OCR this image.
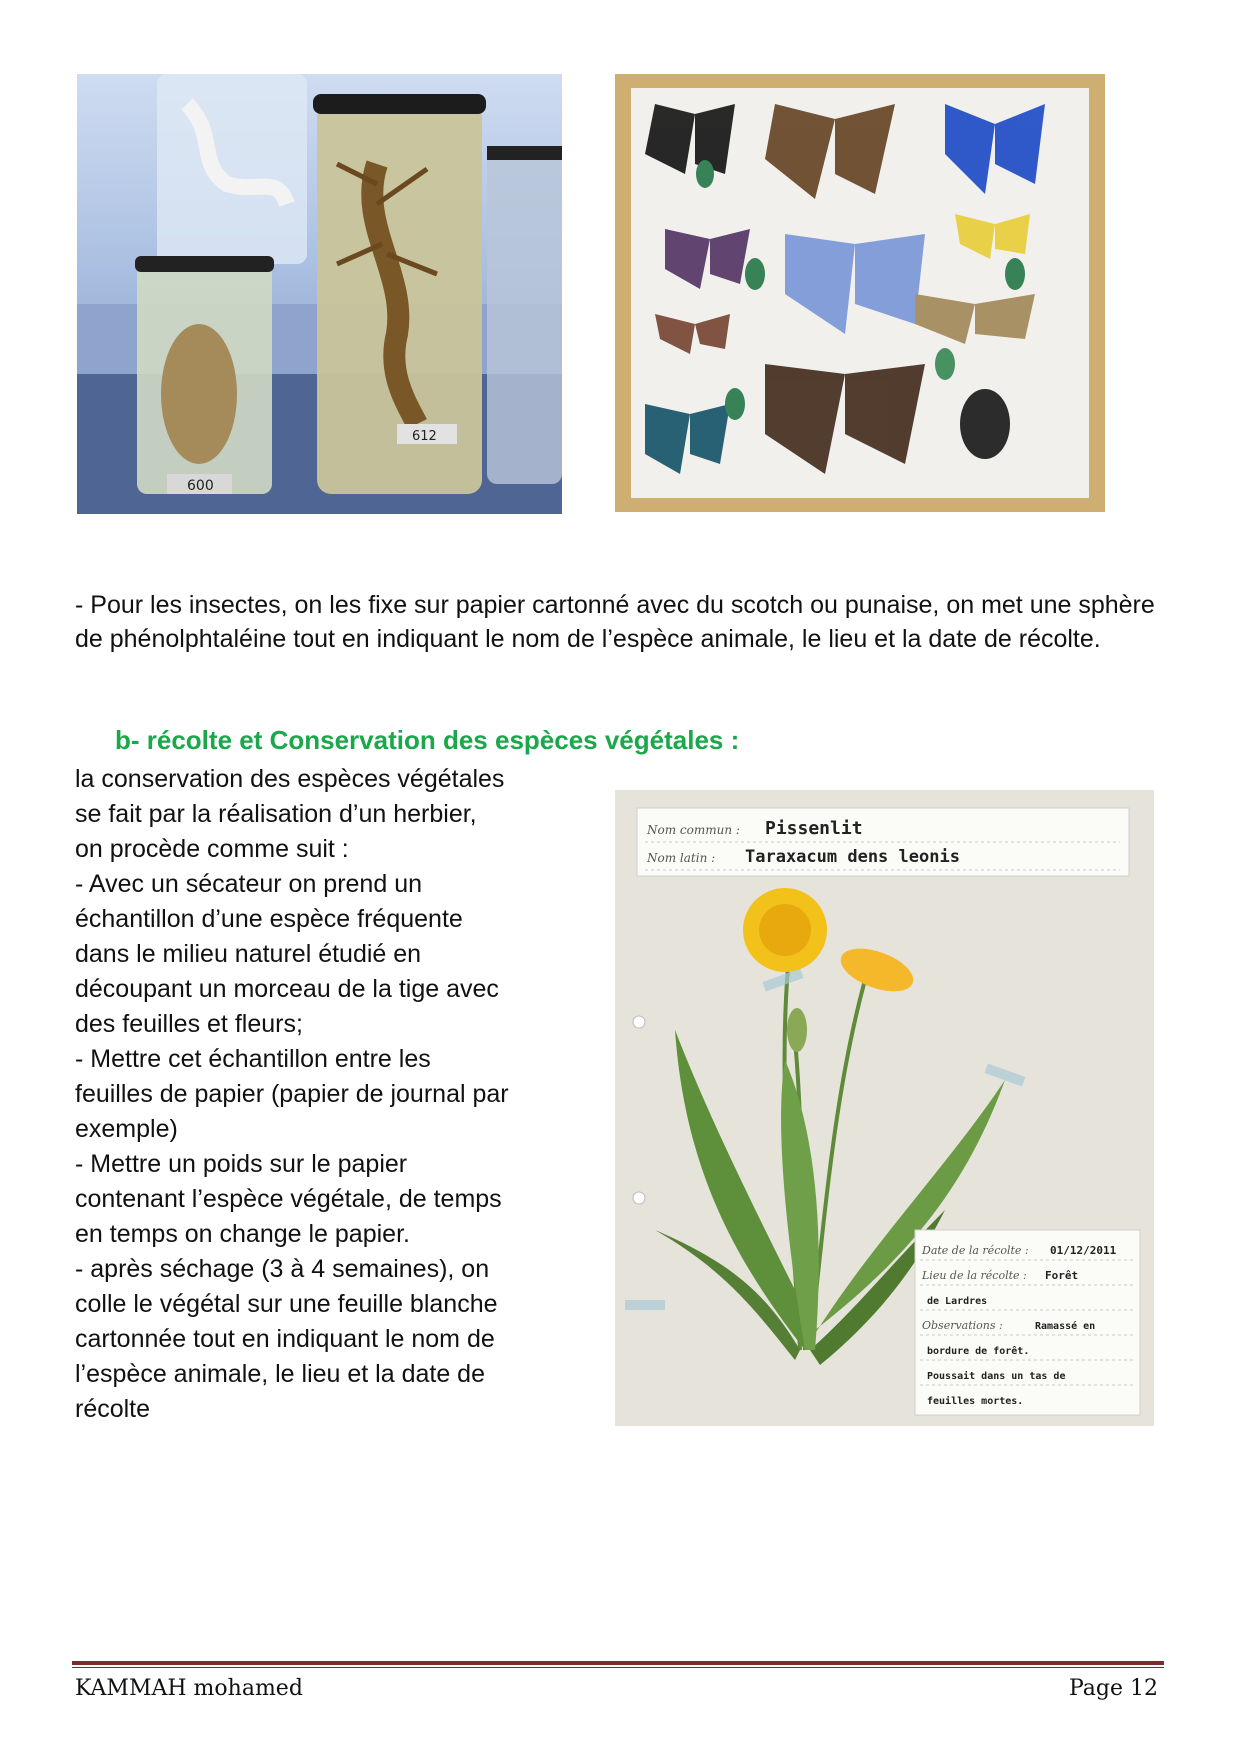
600
612

- Pour les insectes, on les fixe sur papier cartonné avec du scotch ou punaise, on met une sphère de phénolphtaléine tout en indiquant le nom de l’espèce animale, le lieu et la date de récolte.

b- récolte et Conservation des espèces végétales :
la conservation des espèces végétales
se fait par la réalisation d’un herbier,
on procède comme suit :
- Avec un sécateur on prend un
échantillon d’une espèce fréquente
dans le milieu naturel étudié en
découpant un morceau de la tige avec
des feuilles et fleurs;
- Mettre cet échantillon entre les
feuilles de papier (papier de journal par
exemple)
- Mettre un poids sur le papier
contenant l’espèce végétale, de temps
en temps on change le papier.
- après séchage (3 à 4 semaines), on
colle le végétal sur une feuille blanche
cartonnée tout en indiquant le nom de
l’espèce animale, le lieu et la date de
récolte
Nom commun : Pissenlit
Nom latin : Taraxacum dens leonis
Date de la récolte : 01/12/2011
Lieu de la récolte : Forêt
de Lardres
Observations :	Ramassé en
bordure de forêt.
Poussait dans un tas de
feuilles mortes.
KAMMAH mohamed	Page 12
